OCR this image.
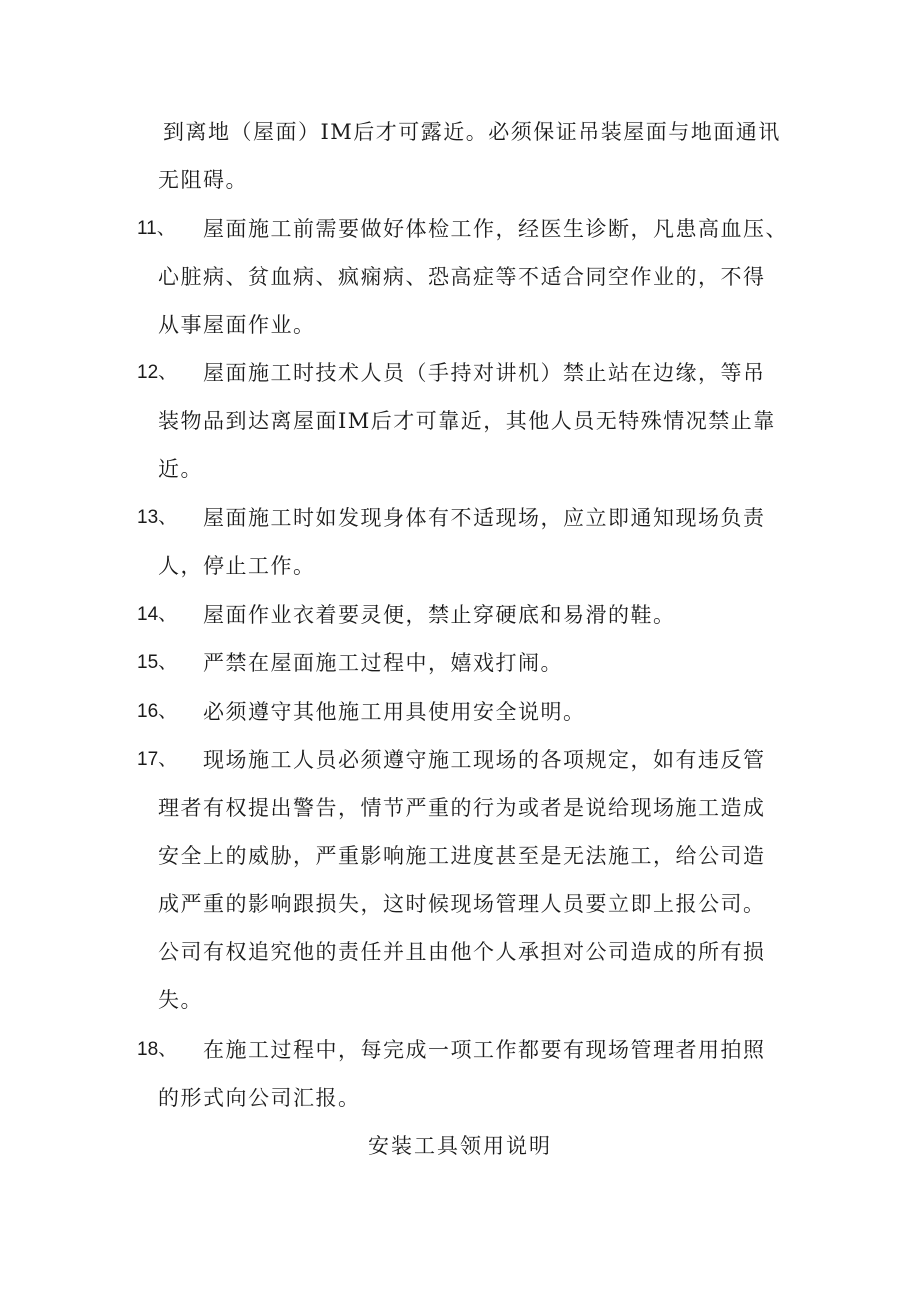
到离地（屋面）IM后才可露近。必须保证吊装屋面与地面通讯
无阻碍。
11、 屋面施工前需要做好体检工作，经医生诊断，凡患高血压、
心脏病、贫血病、疯痫病、恐高症等不适合同空作业的，不得
从事屋面作业。
12、 屋面施工时技术人员（手持对讲机）禁止站在边缘，等吊
装物品到达离屋面IM后才可靠近，其他人员无特殊情况禁止靠
近。
13、 屋面施工时如发现身体有不适现场，应立即通知现场负责
人，停止工作。
14、 屋面作业衣着要灵便，禁止穿硬底和易滑的鞋。
15、 严禁在屋面施工过程中，嬉戏打闹。
16、 必须遵守其他施工用具使用安全说明。
17、 现场施工人员必须遵守施工现场的各项规定，如有违反管
理者有权提出警告，情节严重的行为或者是说给现场施工造成
安全上的威胁，严重影响施工进度甚至是无法施工，给公司造
成严重的影响跟损失，这时候现场管理人员要立即上报公司。
公司有权追究他的责任并且由他个人承担对公司造成的所有损
失。
18、 在施工过程中，每完成一项工作都要有现场管理者用拍照
的形式向公司汇报。
安装工具领用说明
